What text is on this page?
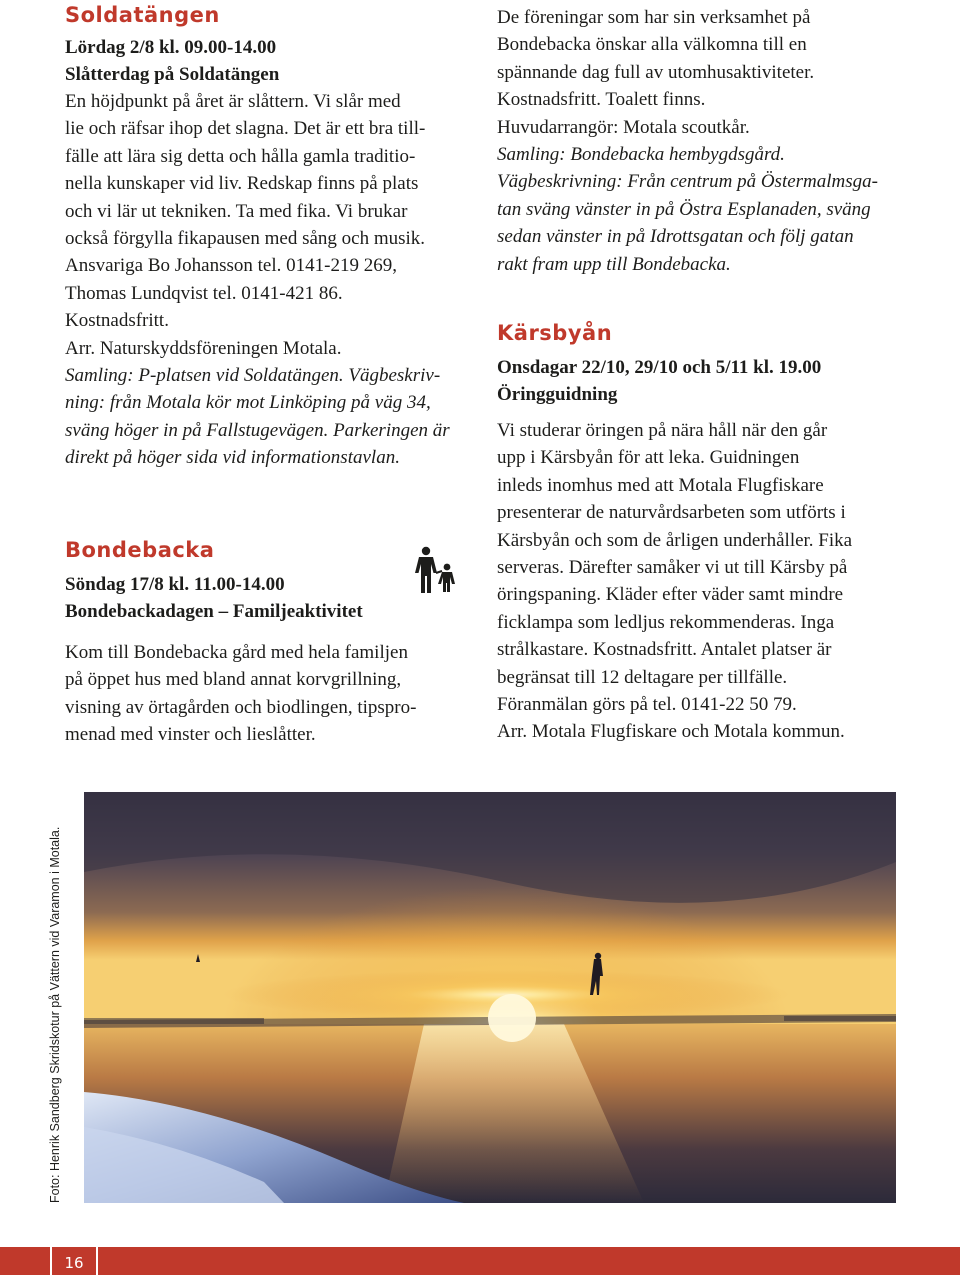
Soldatängen

Lördag 2/8 kl. 09.00-14.00

Slåtterdag på Soldatängen

En höjdpunkt på året är slåttern. Vi slår med

lie och räfsar ihop det slagna. Det är ett bra till-

fälle att lära sig detta och hålla gamla traditio-

nella kunskaper vid liv. Redskap finns på plats

och vi lär ut tekniken. Ta med fika. Vi brukar

också förgylla fikapausen med sång och musik.

Ansvariga Bo Johansson tel. 0141-219 269,

Thomas Lundqvist tel. 0141-421 86.

Kostnadsfritt.

Arr. Naturskyddsföreningen Motala.

Samling: P-platsen vid Soldatängen. Vägbeskriv-

ning: från Motala kör mot Linköping på väg 34,

sväng höger in på Fallstugevägen. Parkeringen är

direkt på höger sida vid informationstavlan.

Bondebacka

Söndag 17/8 kl. 11.00-14.00

Bondebackadagen – Familjeaktivitet

Kom till Bondebacka gård med hela familjen

på öppet hus med bland annat korvgrillning,

visning av örtagården och biodlingen, tipspro-

menad med vinster och lieslåtter.

De föreningar som har sin verksamhet på

Bondebacka önskar alla välkomna till en

spännande dag full av utomhusaktiviteter.

Kostnadsfritt. Toalett finns.

Huvudarrangör: Motala scoutkår.

Samling: Bondebacka hembygdsgård.

Vägbeskrivning: Från centrum på Östermalmsga-

tan sväng vänster in på Östra Esplanaden, sväng

sedan vänster in på Idrottsgatan och följ gatan

rakt fram upp till Bondebacka.

Kärsbyån

Onsdagar 22/10, 29/10 och 5/11 kl. 19.00

Öringguidning

Vi studerar öringen på nära håll när den går

upp i Kärsbyån för att leka. Guidningen

inleds inomhus med att Motala Flugfiskare

presenterar de naturvårdsarbeten som utförts i

Kärsbyån och som de årligen underhåller. Fika

serveras. Därefter samåker vi ut till Kärsby på

öringspaning. Kläder efter väder samt mindre

ficklampa som ledljus rekommenderas. Inga

strålkastare. Kostnadsfritt. Antalet platser är

begränsat till 12 deltagare per tillfälle.

Föranmälan görs på tel. 0141-22 50 79.

Arr. Motala Flugfiskare och Motala kommun.

Foto: Henrik Sandberg Skridskotur på Vättern vid Varamon i Motala.
16
